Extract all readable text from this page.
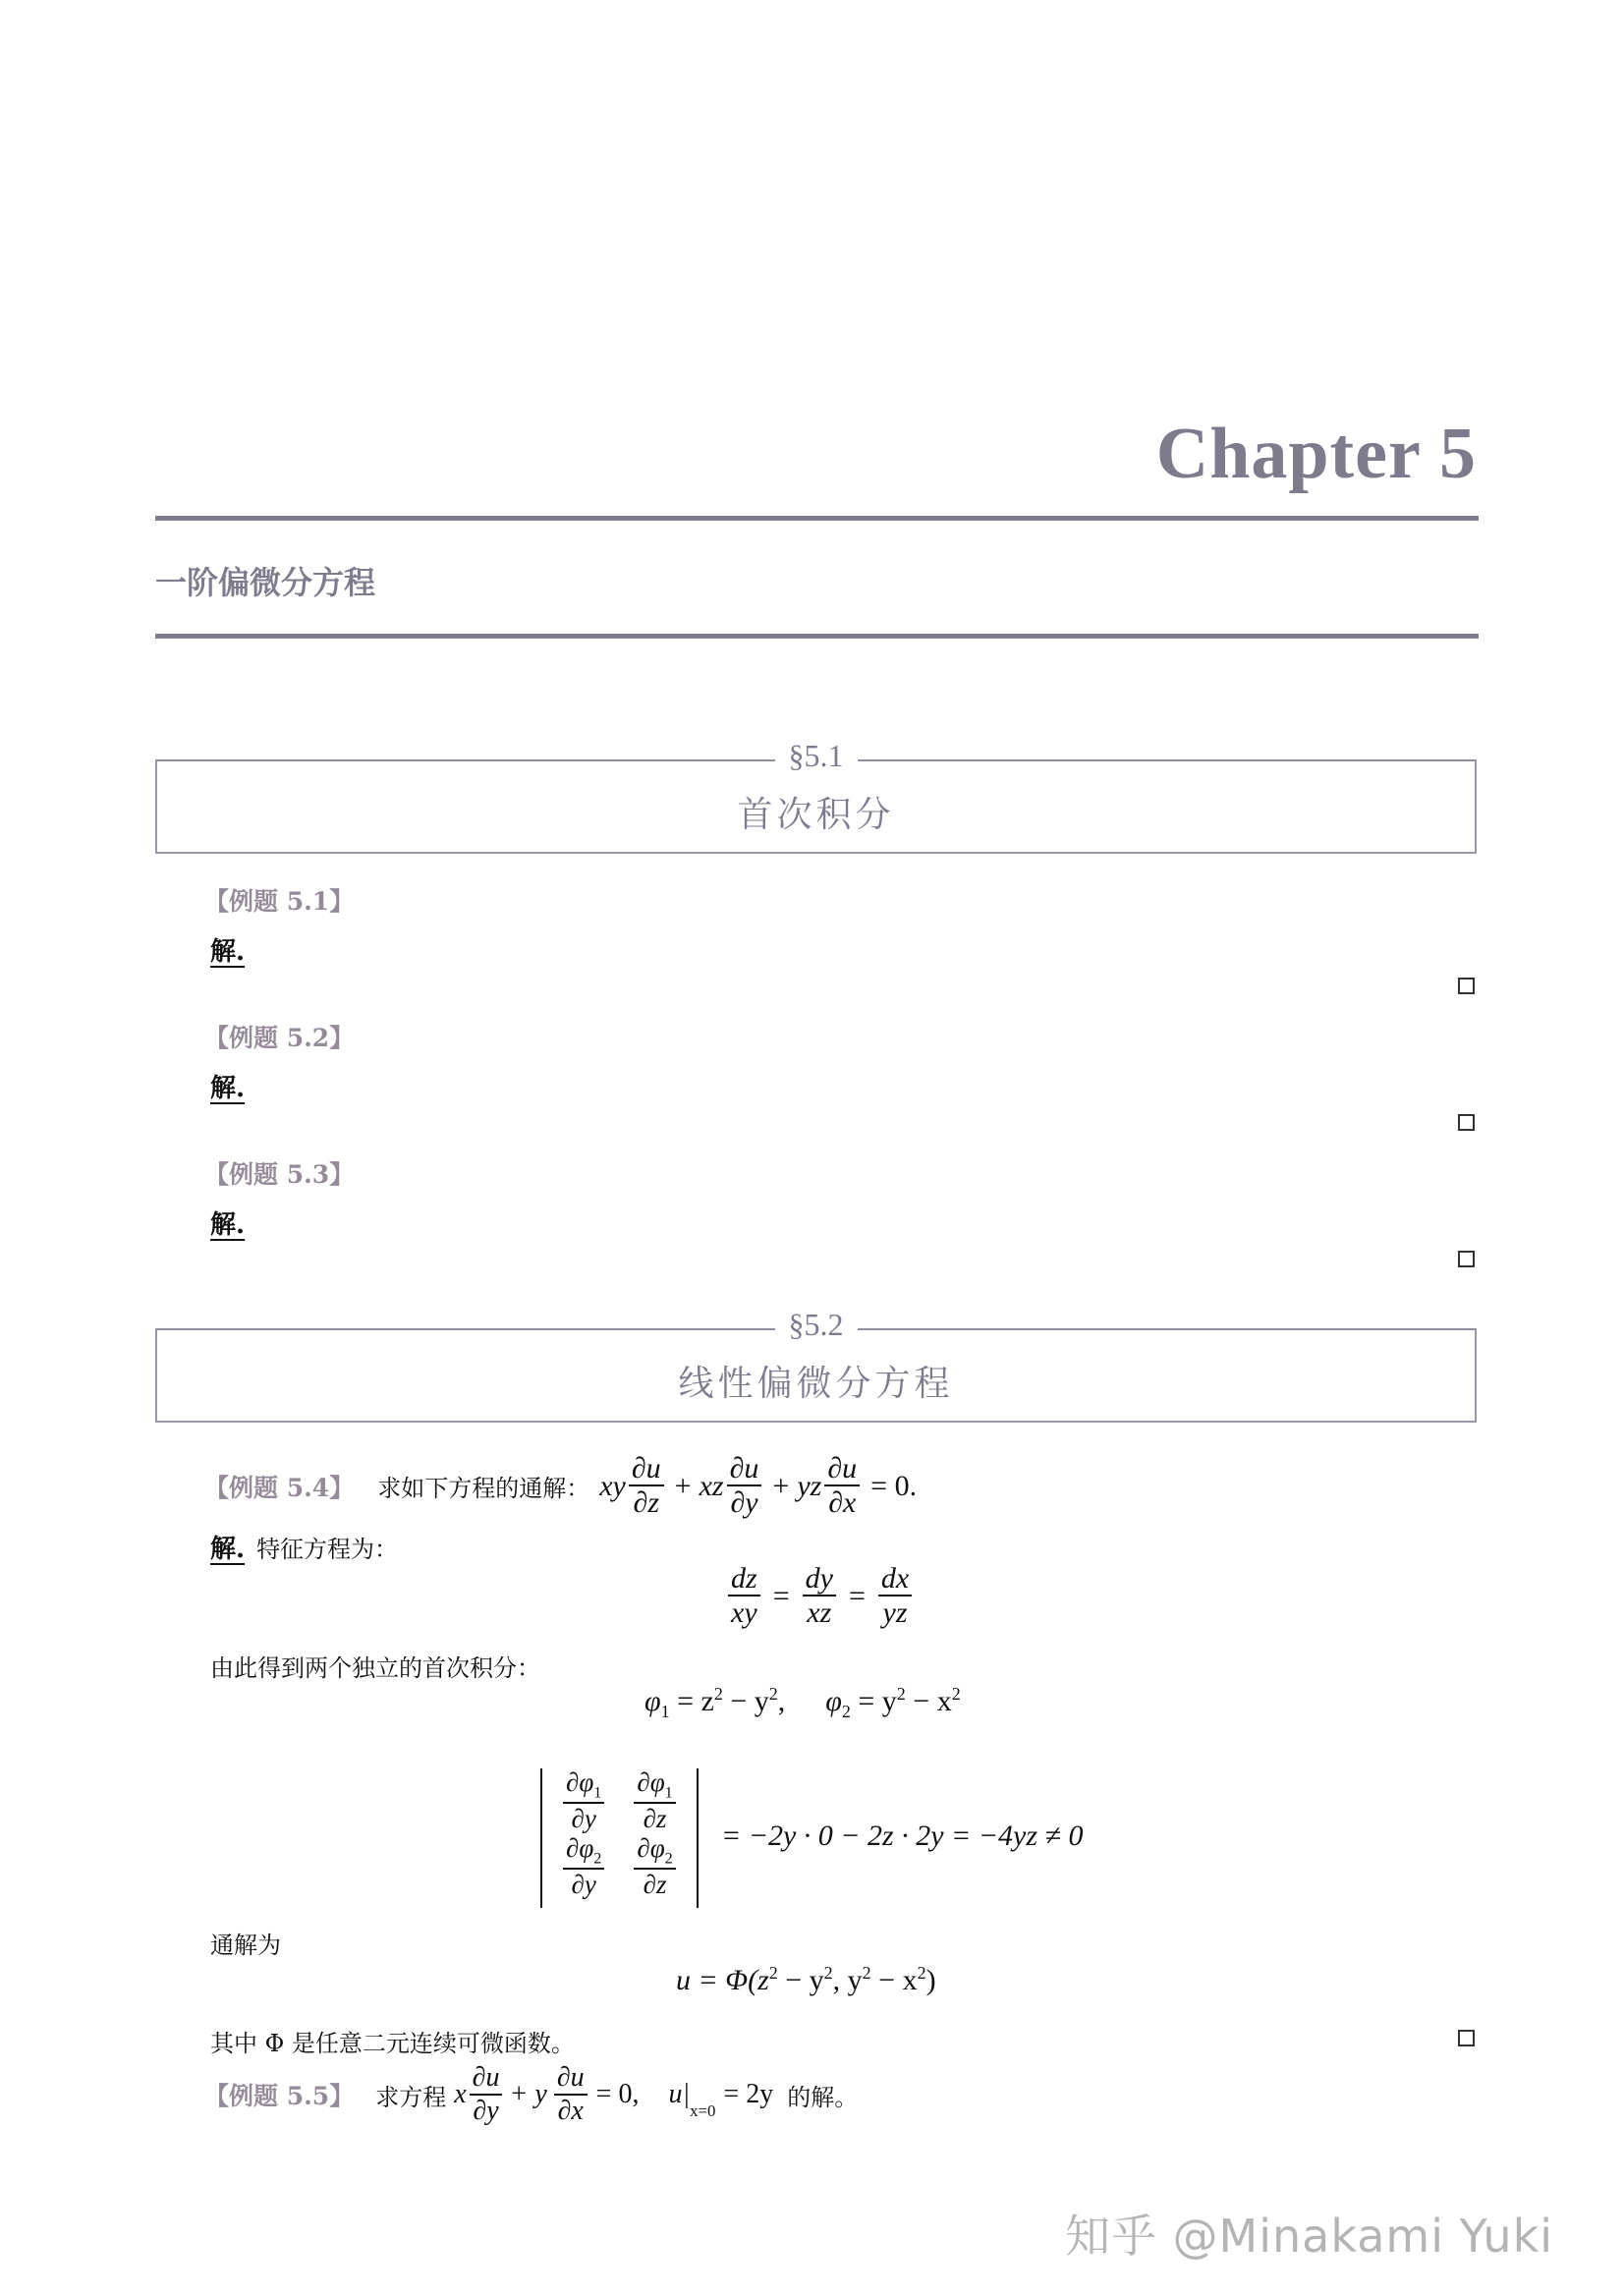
Chapter 5
一阶偏微分方程
§5.1
首次积分
【例题 5.1】
解.
【例题 5.2】
解.
【例题 5.3】
解.
§5.2
线性偏微分方程
【例题 5.4】 求如下方程的通解： xy $\frac{\partial u}{\partial z}$ + xz $\frac{\partial u}{\partial y}$ + yz $\frac{\partial u}{\partial x} = 0$.
解. 特征方程为：
$\frac{dz}{xy} = \frac{dy}{xz} = \frac{dx}{yz}$
由此得到两个独立的首次积分：
$\varphi_1 = z^2 - y^2$, $\varphi_2 = y^2 - x^2$
$\frac{\partial\varphi_1}{\partial y}$
$\frac{\partial\varphi_2}{\partial y}$
$\frac{\partial\varphi_1}{\partial z}$
$\frac{\partial\varphi_2}{\partial z} = -2y \cdot 0 - 2z \cdot 2y = -4yz \ne 0$
通解为
$u = \Phi(z^2 - y^2$, $y^2 - x^2$)
其中 Φ 是任意二元连续可微函数。
【例题 5.5】 求方程 x $\frac{\partial u}{\partial y} + y \frac{\partial u}{\partial x} = 0$, u|
$_{x=0}$
= 2y 的解。
知乎 @Minakami Yuki
